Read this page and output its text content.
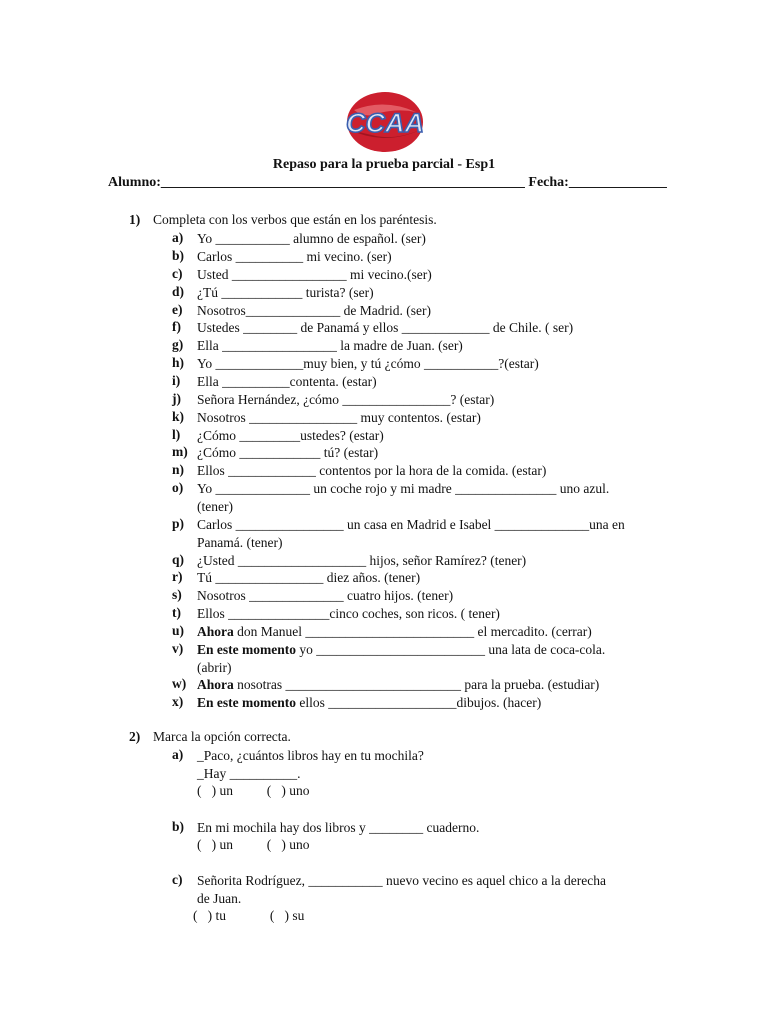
CCAA
Repaso para la prueba parcial - Esp1
Alumno:____________________________________________________ Fecha:______________
1) Completa con los verbos que están en los paréntesis.
a) Yo ___________ alumno de español. (ser)
b) Carlos __________ mi vecino. (ser)
c) Usted _________________ mi vecino.(ser)
d) ¿Tú ____________ turista? (ser)
e) Nosotros______________ de Madrid. (ser)
f) Ustedes ________ de Panamá y ellos _____________ de Chile. ( ser)
g) Ella _________________ la madre de Juan. (ser)
h) Yo _____________muy bien, y tú ¿cómo ___________?(estar)
i) Ella __________contenta. (estar)
j) Señora Hernández, ¿cómo ________________? (estar)
k) Nosotros ________________ muy contentos. (estar)
l) ¿Cómo _________ustedes? (estar)
m) ¿Cómo ____________ tú? (estar)
n) Ellos _____________ contentos por la hora de la comida. (estar)
o) Yo ______________ un coche rojo y mi madre _______________ uno azul.
(tener)
p) Carlos ________________ un casa en Madrid e Isabel ______________una en
Panamá. (tener)
q) ¿Usted ___________________ hijos, señor Ramírez? (tener)
r) Tú ________________ diez años. (tener)
s) Nosotros ______________ cuatro hijos. (tener)
t) Ellos _______________cinco coches, son ricos. ( tener)
u) Ahora don Manuel _________________________ el mercadito. (cerrar)
v) En este momento yo _________________________ una lata de coca-cola.
(abrir)
w) Ahora nosotras __________________________ para la prueba. (estudiar)
x) En este momento ellos ___________________dibujos. (hacer)
2) Marca la opción correcta.
a) _Paco, ¿cuántos libros hay en tu mochila?
_Hay __________.
(   ) un          (   ) uno
b) En mi mochila hay dos libros y ________ cuaderno.
(   ) un          (   ) uno
c) Señorita Rodríguez, ___________ nuevo vecino es aquel chico a la derecha
de Juan.
(   ) tu             (   ) su
